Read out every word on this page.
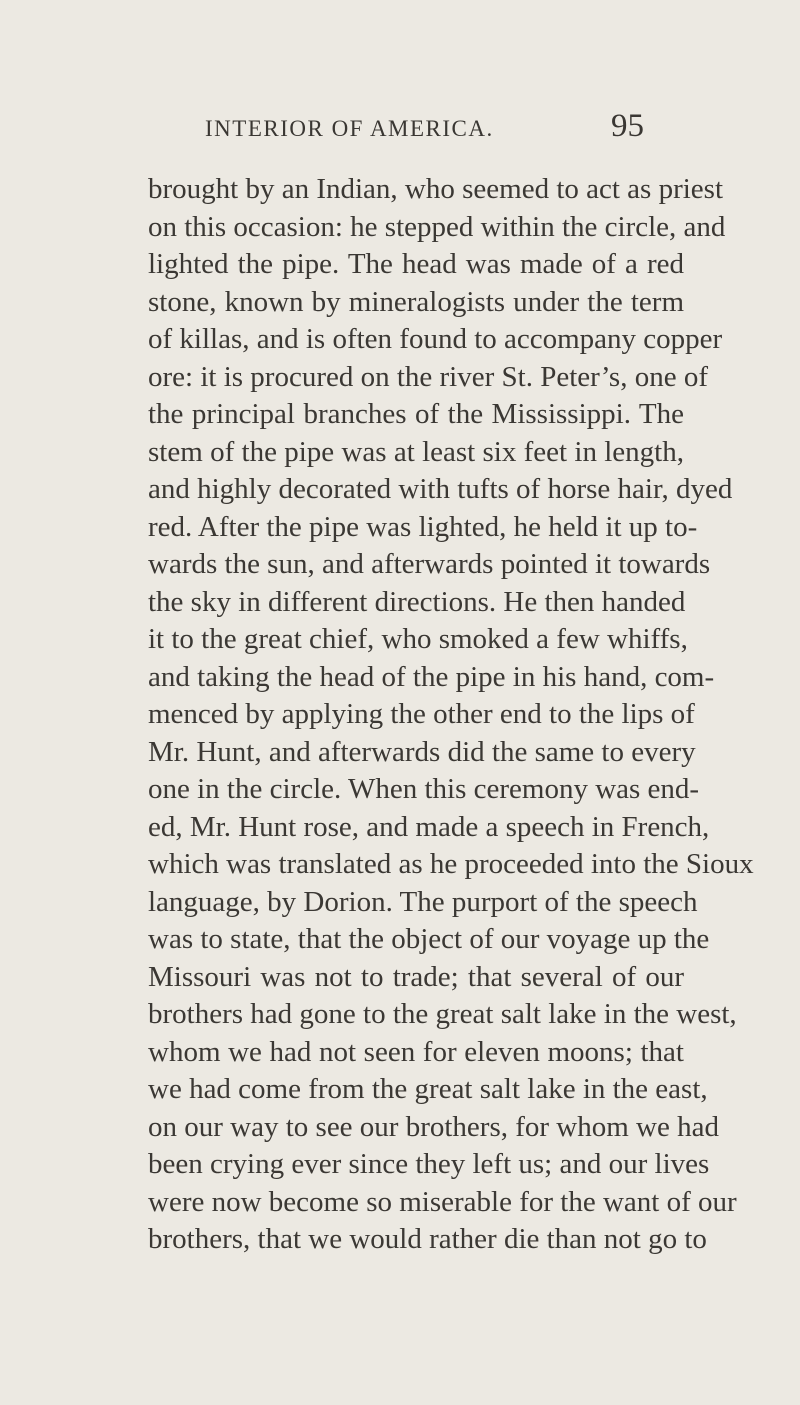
INTERIOR OF AMERICA.	95
brought by an Indian, who seemed to act as priest
on this occasion: he stepped within the circle, and
lighted the pipe. The head was made of a red
stone, known by mineralogists under the term
of killas, and is often found to accompany copper
ore: it is procured on the river St. Peter’s, one of
the principal branches of the Mississippi. The
stem of the pipe was at least six feet in length,
and highly decorated with tufts of horse hair, dyed
red. After the pipe was lighted, he held it up to-
wards the sun, and afterwards pointed it towards
the sky in different directions. He then handed
it to the great chief, who smoked a few whiffs,
and taking the head of the pipe in his hand, com-
menced by applying the other end to the lips of
Mr. Hunt, and afterwards did the same to every
one in the circle. When this ceremony was end-
ed, Mr. Hunt rose, and made a speech in French,
which was translated as he proceeded into the Sioux
language, by Dorion. The purport of the speech
was to state, that the object of our voyage up the
Missouri was not to trade; that several of our
brothers had gone to the great salt lake in the west,
whom we had not seen for eleven moons; that
we had come from the great salt lake in the east,
on our way to see our brothers, for whom we had
been crying ever since they left us; and our lives
were now become so miserable for the want of our
brothers, that we would rather die than not go to
